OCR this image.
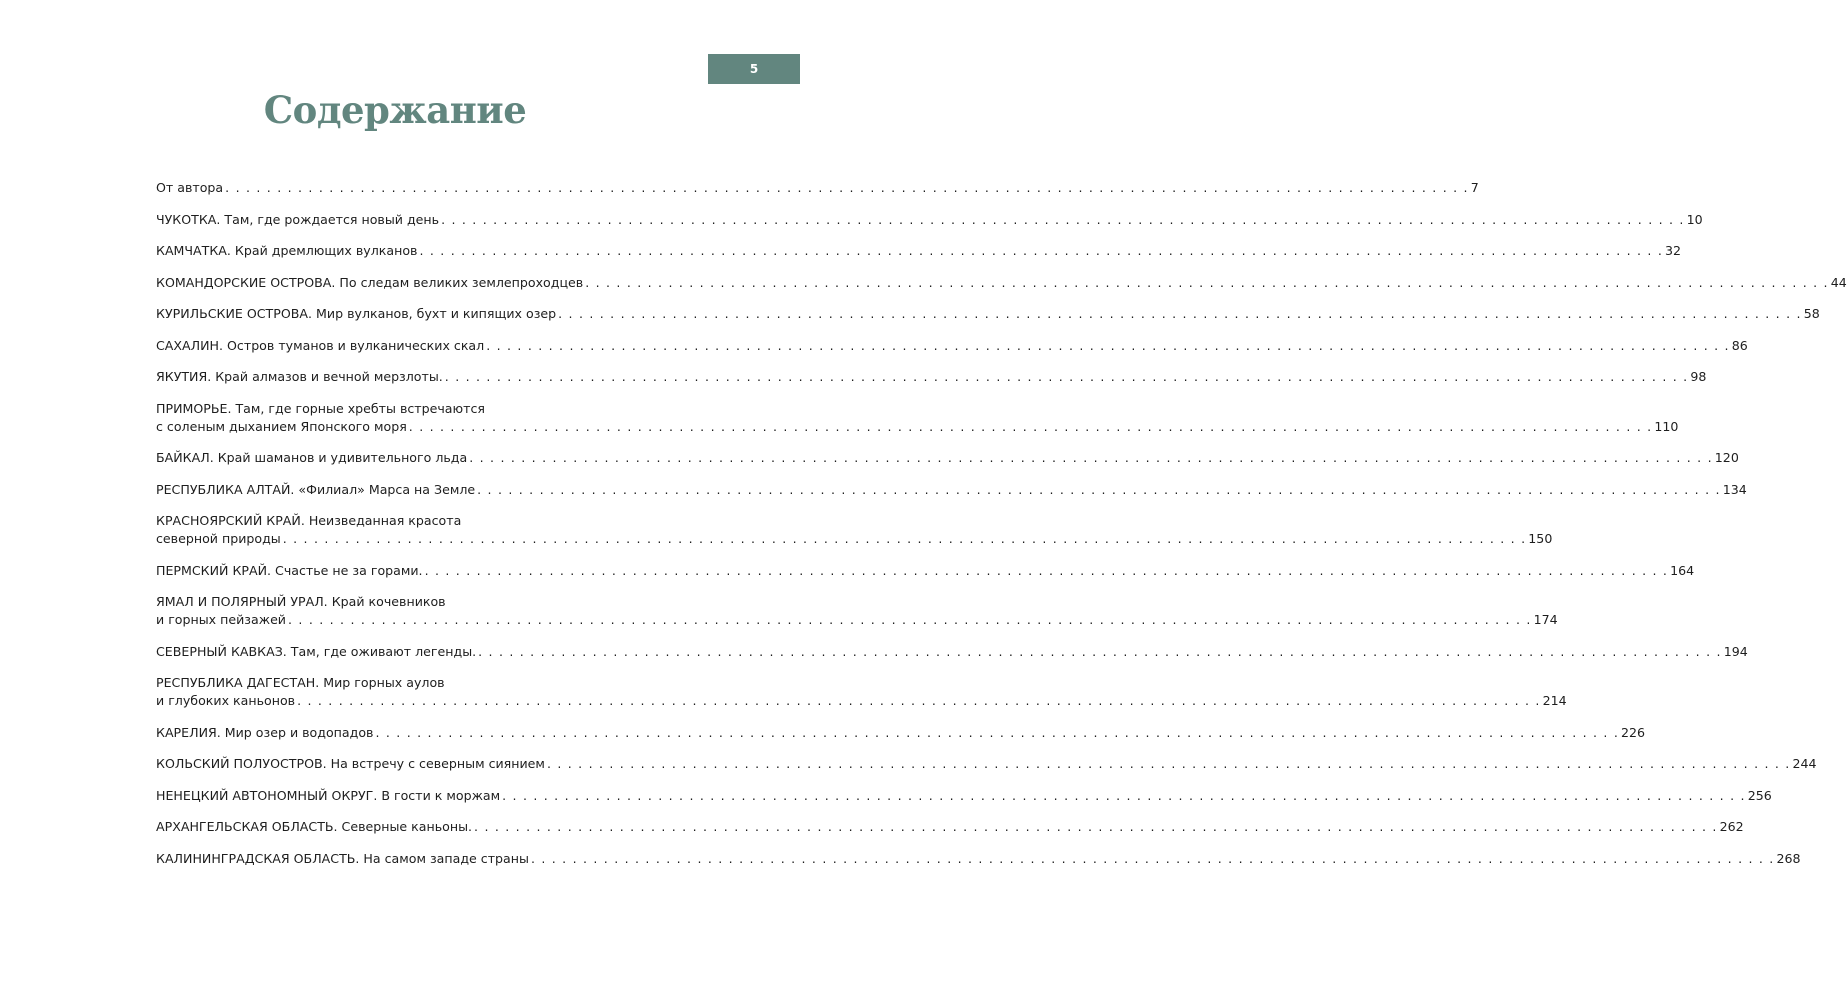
5
Содержание
От автора . . . . . . . . . . . . . . . . . . . . . . . . . . . . . . . . . . . . . . . . . . . . . . . . . . . . . . . . . . . . . . . . . . . . . . . . . . . . . . . . . . . . . . . . . . . . . . . . . . . . . . . . . . . . . . . . . . . . . . . . 7
ЧУКОТКА. Там, где рождается новый день . . . . . . . . . . . . . . . . . . . . . . . . . . . . . . . . . . . . . . . . . . . . . . . . . . . . . . . . . . . . . . . . . . . . . . . . . . . . . . . . . . . . . . . . . . . . . . . . . . . . . . . . . . . . . . . . . . . . . . . . 10
КАМЧАТКА. Край дремлющих вулканов . . . . . . . . . . . . . . . . . . . . . . . . . . . . . . . . . . . . . . . . . . . . . . . . . . . . . . . . . . . . . . . . . . . . . . . . . . . . . . . . . . . . . . . . . . . . . . . . . . . . . . . . . . . . . . . . . . . . . . . . 32
КОМАНДОРСКИЕ ОСТРОВА. По следам великих землепроходцев . . . . . . . . . . . . . . . . . . . . . . . . . . . . . . . . . . . . . . . . . . . . . . . . . . . . . . . . . . . . . . . . . . . . . . . . . . . . . . . . . . . . . . . . . . . . . . . . . . . . . . . . . . . . . . . . . . . . . . . . 44
КУРИЛЬСКИЕ ОСТРОВА. Мир вулканов, бухт и кипящих озер . . . . . . . . . . . . . . . . . . . . . . . . . . . . . . . . . . . . . . . . . . . . . . . . . . . . . . . . . . . . . . . . . . . . . . . . . . . . . . . . . . . . . . . . . . . . . . . . . . . . . . . . . . . . . . . . . . . . . . . . 58
САХАЛИН. Остров туманов и вулканических скал . . . . . . . . . . . . . . . . . . . . . . . . . . . . . . . . . . . . . . . . . . . . . . . . . . . . . . . . . . . . . . . . . . . . . . . . . . . . . . . . . . . . . . . . . . . . . . . . . . . . . . . . . . . . . . . . . . . . . . . . 86
ЯКУТИЯ. Край алмазов и вечной мерзлоты. . . . . . . . . . . . . . . . . . . . . . . . . . . . . . . . . . . . . . . . . . . . . . . . . . . . . . . . . . . . . . . . . . . . . . . . . . . . . . . . . . . . . . . . . . . . . . . . . . . . . . . . . . . . . . . . . . . . . . . . . 98
ПРИМОРЬЕ. Там, где горные хребты встречаются
с соленым дыханием Японского моря . . . . . . . . . . . . . . . . . . . . . . . . . . . . . . . . . . . . . . . . . . . . . . . . . . . . . . . . . . . . . . . . . . . . . . . . . . . . . . . . . . . . . . . . . . . . . . . . . . . . . . . . . . . . . . . . . . . . . . . . 110
БАЙКАЛ. Край шаманов и удивительного льда . . . . . . . . . . . . . . . . . . . . . . . . . . . . . . . . . . . . . . . . . . . . . . . . . . . . . . . . . . . . . . . . . . . . . . . . . . . . . . . . . . . . . . . . . . . . . . . . . . . . . . . . . . . . . . . . . . . . . . . . 120
РЕСПУБЛИКА АЛТАЙ. «Филиал» Марса на Земле . . . . . . . . . . . . . . . . . . . . . . . . . . . . . . . . . . . . . . . . . . . . . . . . . . . . . . . . . . . . . . . . . . . . . . . . . . . . . . . . . . . . . . . . . . . . . . . . . . . . . . . . . . . . . . . . . . . . . . . . 134
КРАСНОЯРСКИЙ КРАЙ. Неизведанная красота
северной природы . . . . . . . . . . . . . . . . . . . . . . . . . . . . . . . . . . . . . . . . . . . . . . . . . . . . . . . . . . . . . . . . . . . . . . . . . . . . . . . . . . . . . . . . . . . . . . . . . . . . . . . . . . . . . . . . . . . . . . . . 150
ПЕРМСКИЙ КРАЙ. Счастье не за горами. . . . . . . . . . . . . . . . . . . . . . . . . . . . . . . . . . . . . . . . . . . . . . . . . . . . . . . . . . . . . . . . . . . . . . . . . . . . . . . . . . . . . . . . . . . . . . . . . . . . . . . . . . . . . . . . . . . . . . . . . 164
ЯМАЛ И ПОЛЯРНЫЙ УРАЛ. Край кочевников
и горных пейзажей . . . . . . . . . . . . . . . . . . . . . . . . . . . . . . . . . . . . . . . . . . . . . . . . . . . . . . . . . . . . . . . . . . . . . . . . . . . . . . . . . . . . . . . . . . . . . . . . . . . . . . . . . . . . . . . . . . . . . . . . 174
СЕВЕРНЫЙ КАВКАЗ. Там, где оживают легенды. . . . . . . . . . . . . . . . . . . . . . . . . . . . . . . . . . . . . . . . . . . . . . . . . . . . . . . . . . . . . . . . . . . . . . . . . . . . . . . . . . . . . . . . . . . . . . . . . . . . . . . . . . . . . . . . . . . . . . . . . 194
РЕСПУБЛИКА ДАГЕСТАН. Мир горных аулов
и глубоких каньонов . . . . . . . . . . . . . . . . . . . . . . . . . . . . . . . . . . . . . . . . . . . . . . . . . . . . . . . . . . . . . . . . . . . . . . . . . . . . . . . . . . . . . . . . . . . . . . . . . . . . . . . . . . . . . . . . . . . . . . . . 214
КАРЕЛИЯ. Мир озер и водопадов . . . . . . . . . . . . . . . . . . . . . . . . . . . . . . . . . . . . . . . . . . . . . . . . . . . . . . . . . . . . . . . . . . . . . . . . . . . . . . . . . . . . . . . . . . . . . . . . . . . . . . . . . . . . . . . . . . . . . . . . 226
КОЛЬСКИЙ ПОЛУОСТРОВ. На встречу с северным сиянием . . . . . . . . . . . . . . . . . . . . . . . . . . . . . . . . . . . . . . . . . . . . . . . . . . . . . . . . . . . . . . . . . . . . . . . . . . . . . . . . . . . . . . . . . . . . . . . . . . . . . . . . . . . . . . . . . . . . . . . . 244
НЕНЕЦКИЙ АВТОНОМНЫЙ ОКРУГ. В гости к моржам . . . . . . . . . . . . . . . . . . . . . . . . . . . . . . . . . . . . . . . . . . . . . . . . . . . . . . . . . . . . . . . . . . . . . . . . . . . . . . . . . . . . . . . . . . . . . . . . . . . . . . . . . . . . . . . . . . . . . . . . 256
АРХАНГЕЛЬСКАЯ ОБЛАСТЬ. Северные каньоны. . . . . . . . . . . . . . . . . . . . . . . . . . . . . . . . . . . . . . . . . . . . . . . . . . . . . . . . . . . . . . . . . . . . . . . . . . . . . . . . . . . . . . . . . . . . . . . . . . . . . . . . . . . . . . . . . . . . . . . . . 262
КАЛИНИНГРАДСКАЯ ОБЛАСТЬ. На самом западе страны . . . . . . . . . . . . . . . . . . . . . . . . . . . . . . . . . . . . . . . . . . . . . . . . . . . . . . . . . . . . . . . . . . . . . . . . . . . . . . . . . . . . . . . . . . . . . . . . . . . . . . . . . . . . . . . . . . . . . . . . 268
